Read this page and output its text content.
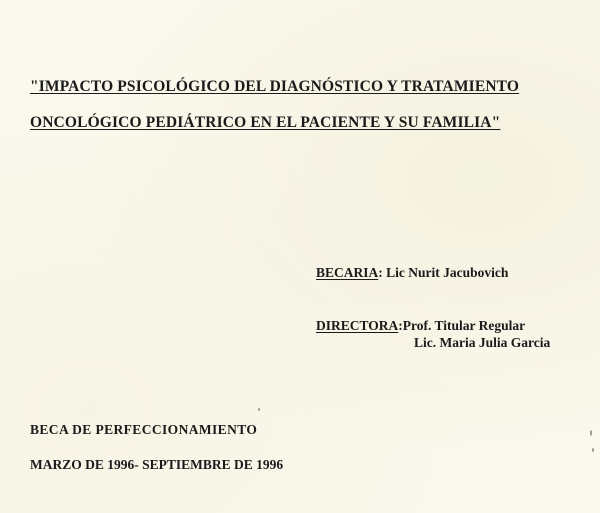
"IMPACTO PSICOLÓGICO DEL DIAGNÓSTICO Y TRATAMIENTO
ONCOLÓGICO PEDIÁTRICO EN EL PACIENTE Y SU FAMILIA"
BECARIA: Lic Nurit Jacubovich
DIRECTORA:Prof. Titular Regular
Lic. Maria Julia Garcia
BECA DE PERFECCIONAMIENTO
MARZO DE 1996- SEPTIEMBRE DE 1996
